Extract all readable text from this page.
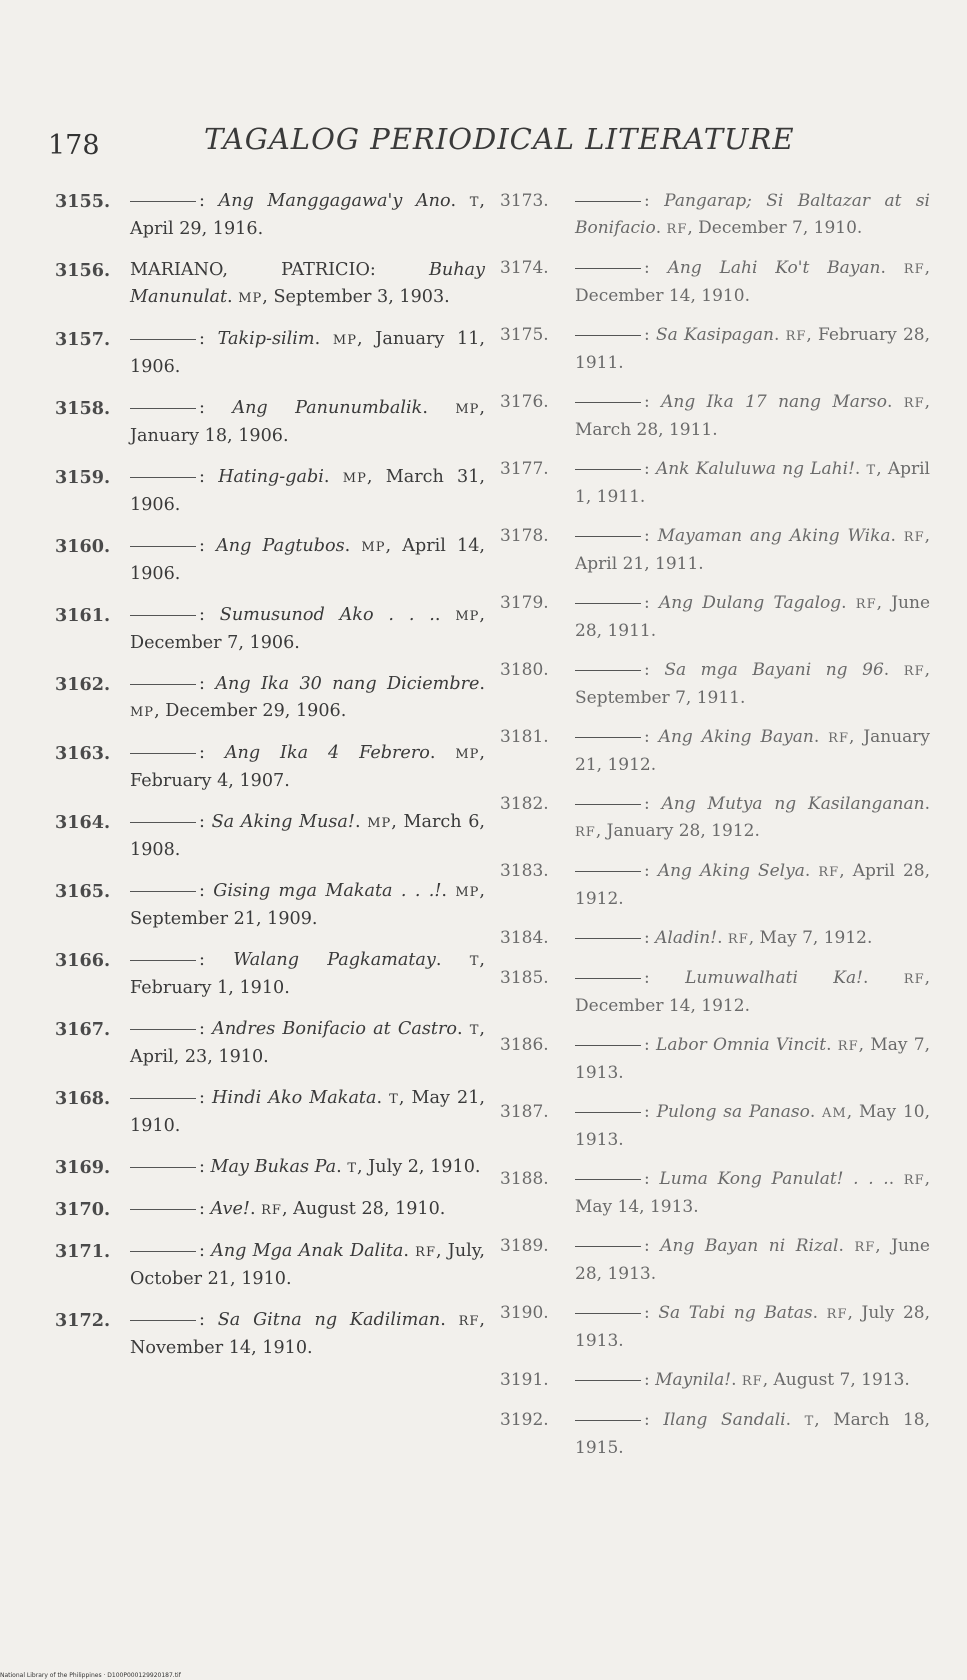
178	TAGALOG PERIODICAL LITERATURE
3155.	: Ang Manggagawa'y Ano. T, April 29, 1916.
3156.	MARIANO, PATRICIO: Buhay Manunulat. MP, September 3, 1903.
3157.	: Takip-silim. MP, January 11, 1906.
3158.	: Ang Panunumbalik. MP, January 18, 1906.
3159.	: Hating-gabi. MP, March 31, 1906.
3160.	: Ang Pagtubos. MP, April 14, 1906.
3161.	: Sumusunod Ako . . .. MP, December 7, 1906.
3162.	: Ang Ika 30 nang Diciembre. MP, December 29, 1906.
3163.	: Ang Ika 4 Febrero. MP, February 4, 1907.
3164.	: Sa Aking Musa!. MP, March 6, 1908.
3165.	: Gising mga Makata . . .!. MP, September 21, 1909.
3166.	: Walang Pagkamatay. T, February 1, 1910.
3167.	: Andres Bonifacio at Castro. T, April, 23, 1910.
3168.	: Hindi Ako Makata. T, May 21, 1910.
3169.	: May Bukas Pa. T, July 2, 1910.
3170.	: Ave!. RF, August 28, 1910.
3171.	: Ang Mga Anak Dalita. RF, July, October 21, 1910.
3172.	: Sa Gitna ng Kadiliman. RF, November 14, 1910.
3173.	: Pangarap; Si Baltazar at si Bonifacio. RF, December 7, 1910.
3174.	: Ang Lahi Ko't Bayan. RF, December 14, 1910.
3175.	: Sa Kasipagan. RF, February 28, 1911.
3176.	: Ang Ika 17 nang Marso. RF, March 28, 1911.
3177.	: Ank Kaluluwa ng Lahi!. T, April 1, 1911.
3178.	: Mayaman ang Aking Wika. RF, April 21, 1911.
3179.	: Ang Dulang Tagalog. RF, June 28, 1911.
3180.	: Sa mga Bayani ng 96. RF, September 7, 1911.
3181.	: Ang Aking Bayan. RF, January 21, 1912.
3182.	: Ang Mutya ng Kasilanganan. RF, January 28, 1912.
3183.	: Ang Aking Selya. RF, April 28, 1912.
3184.	: Aladin!. RF, May 7, 1912.
3185.	: Lumuwalhati Ka!. RF, December 14, 1912.
3186.	: Labor Omnia Vincit. RF, May 7, 1913.
3187.	: Pulong sa Panaso. AM, May 10, 1913.
3188.	: Luma Kong Panulat! . . .. RF, May 14, 1913.
3189.	: Ang Bayan ni Rizal. RF, June 28, 1913.
3190.	: Sa Tabi ng Batas. RF, July 28, 1913.
3191.	: Maynila!. RF, August 7, 1913.
3192.	: Ilang Sandali. T, March 18, 1915.
National Library of the Philippines · D100P000129920187.tif
